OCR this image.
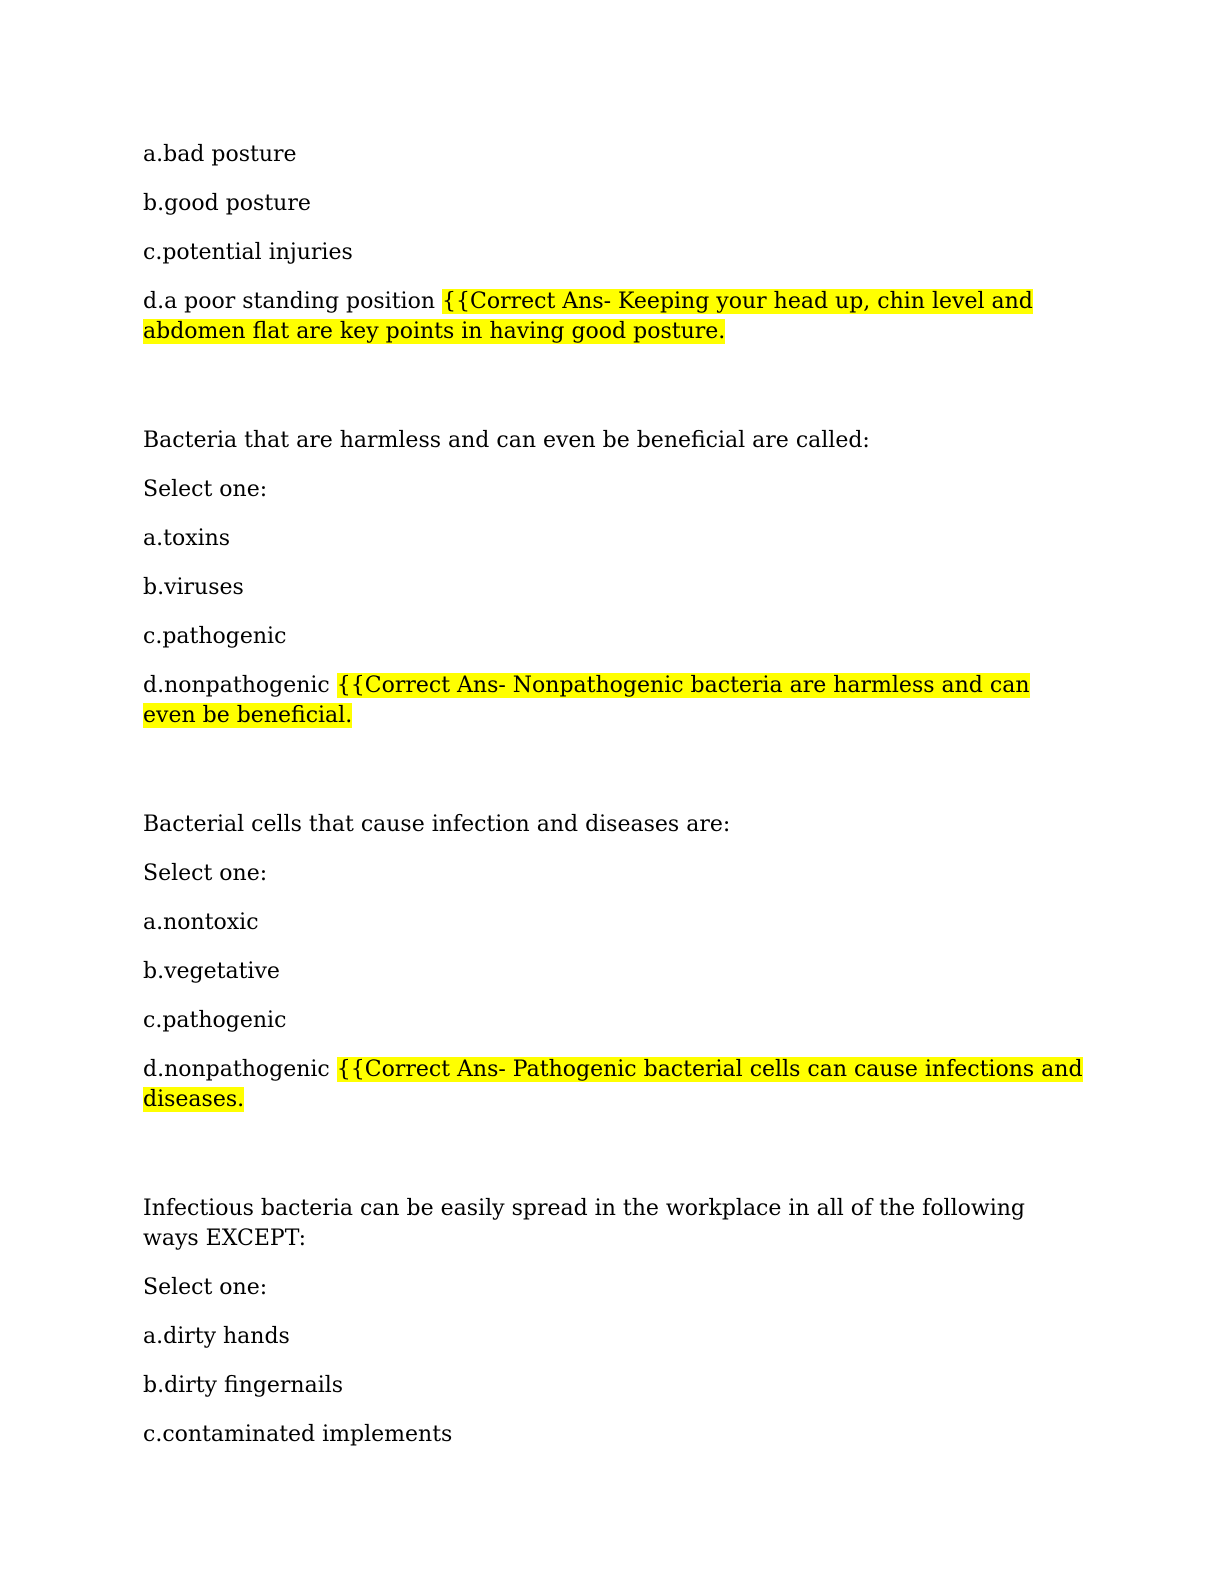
a.bad posture

b.good posture

c.potential injuries

d.a poor standing position {{Correct Ans- Keeping your head up, chin level and abdomen flat are key points in having good posture.

Bacteria that are harmless and can even be beneficial are called:

Select one:

a.toxins

b.viruses

c.pathogenic

d.nonpathogenic {{Correct Ans- Nonpathogenic bacteria are harmless and can even be beneficial.

Bacterial cells that cause infection and diseases are:

Select one:

a.nontoxic

b.vegetative

c.pathogenic

d.nonpathogenic {{Correct Ans- Pathogenic bacterial cells can cause infections and diseases.

Infectious bacteria can be easily spread in the workplace in all of the following ways EXCEPT:

Select one:

a.dirty hands

b.dirty fingernails

c.contaminated implements
